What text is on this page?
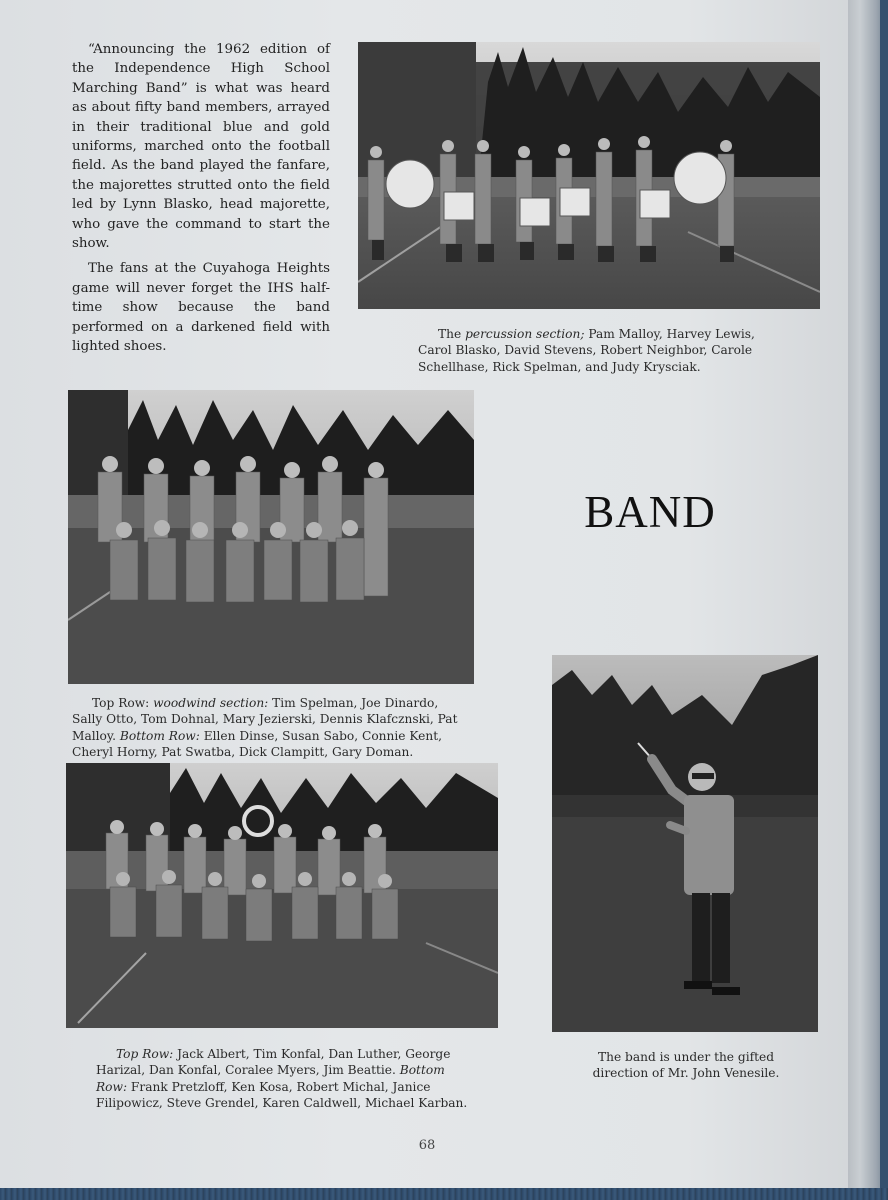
“Announcing the 1962 edition of the Independence High School Marching Band” is what was heard as about fifty band members, arrayed in their traditional blue and gold uniforms, marched onto the football field. As the band played the fanfare, the majorettes strutted onto the field led by Lynn Blasko, head majorette, who gave the command to start the show.

The fans at the Cuyahoga Heights game will never forget the IHS half-time show because the band performed on a darkened field with lighted shoes.

The percussion section; Pam Malloy, Harvey Lewis, Carol Blasko, David Stevens, Robert Neighbor, Carole Schellhase, Rick Spelman, and Judy Krysciak.
Top Row: woodwind section: Tim Spelman, Joe Dinardo, Sally Otto, Tom Dohnal, Mary Jezierski, Dennis Klafcznski, Pat Malloy. Bottom Row: Ellen Dinse, Susan Sabo, Connie Kent, Cheryl Horny, Pat Swatba, Dick Clampitt, Gary Doman.
BAND
The band is under the gifted direction of Mr. John Venesile.
Top Row: Jack Albert, Tim Konfal, Dan Luther, George Harizal, Dan Konfal, Coralee Myers, Jim Beattie. Bottom Row: Frank Pretzloff, Ken Kosa, Robert Michal, Janice Filipowicz, Steve Grendel, Karen Caldwell, Michael Karban.
68
